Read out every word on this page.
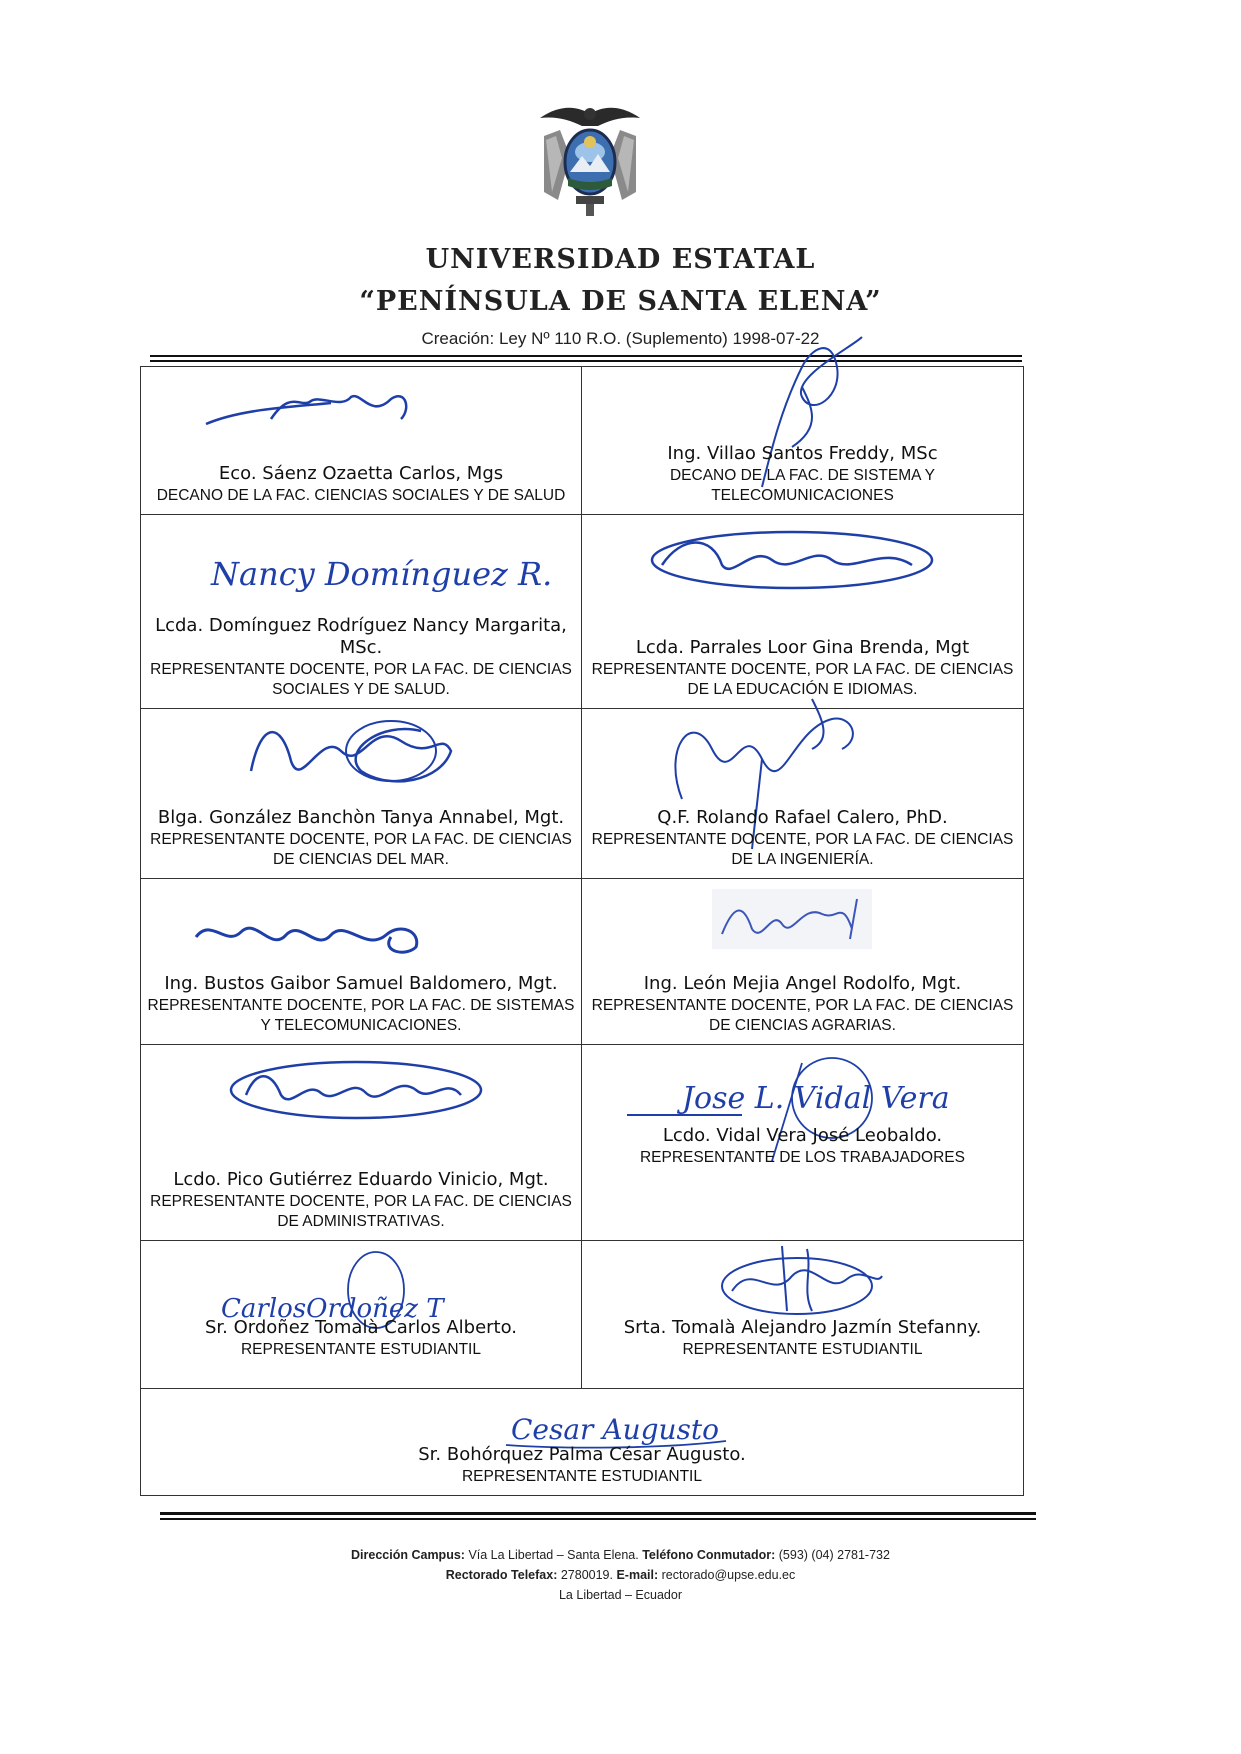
UNIVERSIDAD ESTATAL
“PENÍNSULA DE SANTA ELENA”
Creación: Ley Nº 110 R.O. (Suplemento) 1998-07-22
Eco. Sáenz Ozaetta Carlos, Mgs
DECANO DE LA FAC. CIENCIAS SOCIALES Y DE SALUD
Ing. Villao Santos Freddy, MSc
DECANO DE LA FAC. DE SISTEMA Y TELECOMUNICACIONES
Nancy Domínguez R.
Lcda. Domínguez Rodríguez Nancy Margarita, MSc.
REPRESENTANTE DOCENTE, POR LA FAC. DE CIENCIAS SOCIALES Y DE SALUD.
Lcda. Parrales Loor Gina Brenda, Mgt
REPRESENTANTE DOCENTE, POR LA FAC. DE CIENCIAS DE LA EDUCACIÓN E IDIOMAS.
Blga. González Banchòn Tanya Annabel, Mgt.
REPRESENTANTE DOCENTE, POR LA FAC. DE CIENCIAS DE CIENCIAS DEL MAR.
Q.F. Rolando Rafael Calero, PhD.
REPRESENTANTE DOCENTE, POR LA FAC. DE CIENCIAS DE LA INGENIERÍA.
Ing. Bustos Gaibor Samuel Baldomero, Mgt.
REPRESENTANTE DOCENTE, POR LA FAC. DE SISTEMAS Y TELECOMUNICACIONES.
Ing. León Mejia Angel Rodolfo, Mgt.
REPRESENTANTE DOCENTE, POR LA FAC. DE CIENCIAS DE CIENCIAS AGRARIAS.
Lcdo. Pico Gutiérrez Eduardo Vinicio, Mgt.
REPRESENTANTE DOCENTE, POR LA FAC. DE CIENCIAS DE ADMINISTRATIVAS.
Jose L. Vidal Vera
Lcdo. Vidal Vera José Leobaldo.
REPRESENTANTE DE LOS TRABAJADORES
CarlosOrdoñez T
Sr. Ordoñez Tomalà Carlos Alberto.
REPRESENTANTE ESTUDIANTIL
Srta. Tomalà Alejandro Jazmín Stefanny.
REPRESENTANTE ESTUDIANTIL
Cesar Augusto
Sr. Bohórquez Palma César Augusto.
REPRESENTANTE ESTUDIANTIL
Dirección Campus: Vía La Libertad – Santa Elena. Teléfono Conmutador: (593) (04) 2781-732
Rectorado Telefax: 2780019. E-mail: rectorado@upse.edu.ec
La Libertad – Ecuador
